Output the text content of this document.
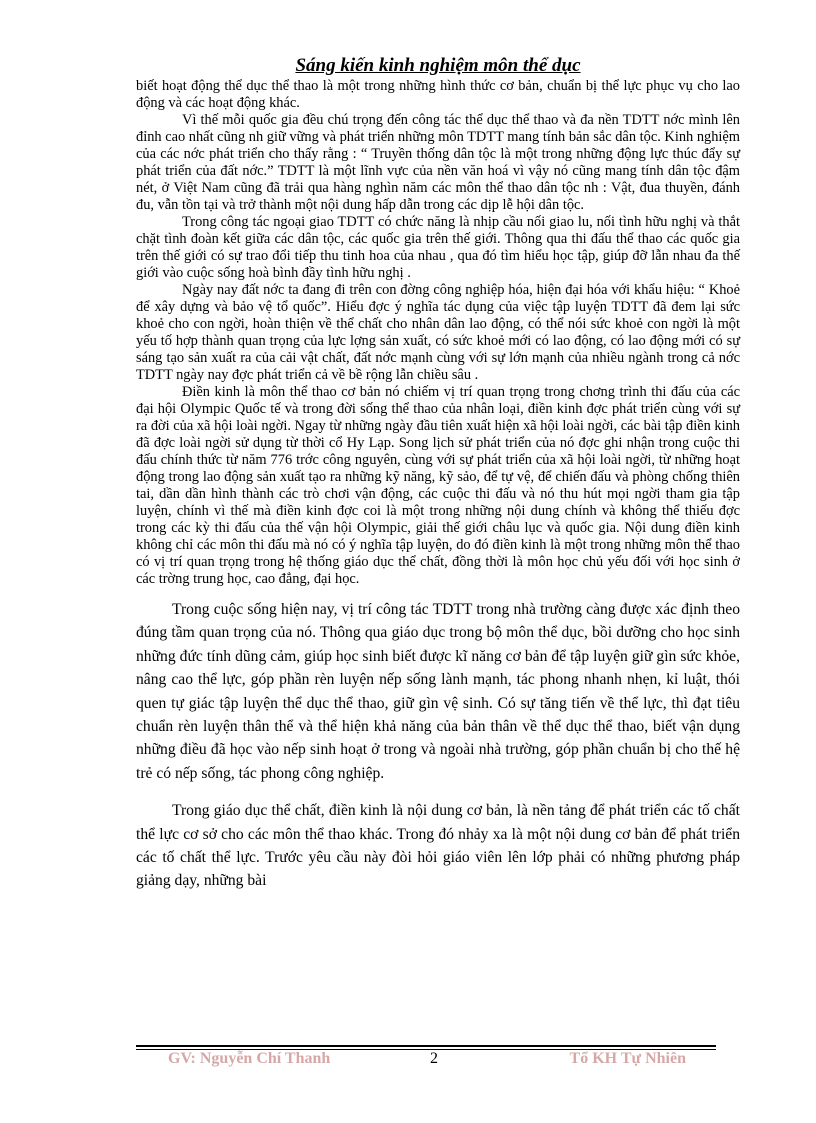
Sáng kiến kinh nghiệm môn thể dục

biết hoạt động thể dục thể thao là một trong những hình thức cơ bản, chuẩn bị thể lực phục vụ cho lao động và các hoạt động khác.

Vì thế mỗi quốc gia đều chú trọng đến công tác thể dục thể thao và đa nền TDTT nớc mình lên đỉnh cao nhất cũng nh giữ vững và phát triển những môn TDTT mang tính bản sắc dân tộc. Kinh nghiệm của các nớc phát triển cho thấy rằng : “ Truyền thống dân tộc là một trong những động lực thúc đẩy sự phát triển của đất nớc.” TDTT là một lĩnh vực của nền văn hoá vì vậy nó cũng mang tính dân tộc đậm nét, ở Việt Nam cũng đã trải qua hàng nghìn năm các môn thể thao dân tộc nh : Vật, đua thuyền, đánh đu, vẫn tồn tại và trở thành một nội dung hấp dẫn trong các dịp lễ hội dân tộc.

Trong công tác ngoại giao TDTT có chức năng là nhịp cầu nối giao lu, nối tình hữu nghị và thắt chặt tình đoàn kết giữa các dân tộc, các quốc gia trên thế giới. Thông qua thi đấu thể thao các quốc gia trên thế giới có sự trao đổi tiếp thu tinh hoa của nhau , qua đó tìm hiểu học tập, giúp đỡ lẫn nhau đa thế giới vào cuộc sống hoà bình đầy tình hữu nghị .

Ngày nay đất nớc ta đang đi trên con đờng công nghiệp hóa, hiện đại hóa với khẩu hiệu: “ Khoẻ để xây dựng và bảo vệ tổ quốc”. Hiểu đợc ý nghĩa tác dụng của việc tập luyện TDTT đã đem lại sức khoẻ cho con ngời, hoàn thiện về thể chất cho nhân dân lao động, có thể nói sức khoẻ con ngời là một yếu tố hợp thành quan trọng của lực lợng sản xuất, có sức khoẻ mới có lao động, có lao động mới có sự sáng tạo sản xuất ra của cải vật chất, đất nớc mạnh cùng với sự lớn mạnh của nhiều ngành trong cả nớc TDTT ngày nay đợc phát triển cả về bề rộng lẫn chiều sâu .

Điền kinh là môn thể thao cơ bản nó chiếm vị trí quan trọng trong chơng trình thi đấu của các đại hội Olympic Quốc tế và trong đời sống thể thao của nhân loại, điền kinh đợc phát triển cùng với sự ra đời của xã hội loài ngời. Ngay từ những ngày đầu tiên xuất hiện xã hội loài ngời, các bài tập điền kinh đã đợc loài ngời sử dụng từ thời cổ Hy Lạp. Song lịch sử phát triển của nó đợc ghi nhận trong cuộc thi đấu chính thức từ năm 776 trớc công nguyên, cùng với sự phát triển của xã hội loài ngời, từ những hoạt động trong lao động sản xuất tạo ra những kỹ năng, kỹ sảo, để tự vệ, để chiến đấu và phòng chống thiên tai, dần dần hình thành các trò chơi vận động, các cuộc thi đấu và nó thu hút mọi ngời tham gia tập luyện, chính vì thế mà điền kinh đợc coi là một trong những nội dung chính và không thể thiếu đợc trong các kỳ thi đấu của thế vận hội Olympic, giải thế giới châu lục và quốc gia. Nội dung điền kinh không chỉ các môn thi đấu mà nó có ý nghĩa tập luyện, do đó điền kinh là một trong những môn thể thao có vị trí quan trọng trong hệ thống giáo dục thể chất, đồng thời là môn học chủ yếu đối với học sinh ở các trờng trung học, cao đẳng, đại học.

Trong cuộc sống hiện nay, vị trí công tác TDTT trong nhà trường càng được xác định theo đúng tầm quan trọng của nó. Thông qua giáo dục trong bộ môn thể dục, bồi dưỡng cho học sinh những đức tính dũng cảm, giúp học sinh biết được kĩ năng cơ bản để tập luyện giữ gìn sức khỏe, nâng cao thể lực, góp phần rèn luyện nếp sống lành mạnh, tác phong nhanh nhẹn, kỉ luật, thói quen tự giác tập luyện thể dục thể thao, giữ gìn vệ sinh. Có sự tăng tiến về thể lực, thì đạt tiêu chuẩn rèn luyện thân thể và thể hiện khả năng của bản thân về thể dục thể thao, biết vận dụng những điều đã học vào nếp sinh hoạt ở trong và ngoài nhà trường, góp phần chuẩn bị cho thế hệ trẻ có nếp sống, tác phong công nghiệp.

Trong giáo dục thể chất, điền kinh là nội dung cơ bản, là nền tảng để phát triển các tố chất thể lực cơ sở cho các môn thể thao khác. Trong đó nhảy xa là một nội dung cơ bản để phát triển các tố chất thể lực. Trước yêu cầu này đòi hỏi giáo viên lên lớp phải có những phương pháp giảng dạy, những bài

GV: Nguyễn Chí Thanh	2	Tổ KH Tự Nhiên
